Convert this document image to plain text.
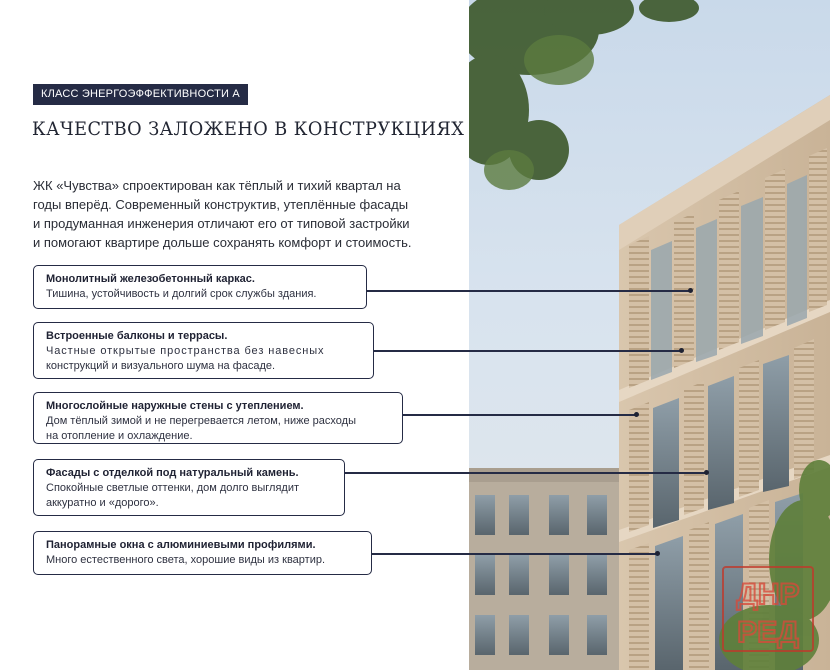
КЛАСС ЭНЕРГОЭФФЕКТИВНОСТИ А
КАЧЕСТВО ЗАЛОЖЕНО В КОНСТРУКЦИЯХ
ЖК «Чувства» спроектирован как тёплый и тихий квартал на
годы вперёд. Современный конструктив, утеплённые фасады
и продуманная инженерия отличают его от типовой застройки
и помогают квартире дольше сохранять комфорт и стоимость.
Монолитный железобетонный каркас.
Тишина, устойчивость и долгий срок службы здания.
Встроенные балконы и террасы.
Частные открытые пространства без навесных
конструкций и визуального шума на фасаде.
Многослойные наружные стены с утеплением.
Дом тёплый зимой и не перегревается летом, ниже расходы
на отопление и охлаждение.
Фасады с отделкой под натуральный камень.
Спокойные светлые оттенки, дом долго выглядит
аккуратно и «дорого».
Панорамные окна с алюминиевыми профилями.
Много естественного света, хорошие виды из квартир.
ДНР
РЕД
